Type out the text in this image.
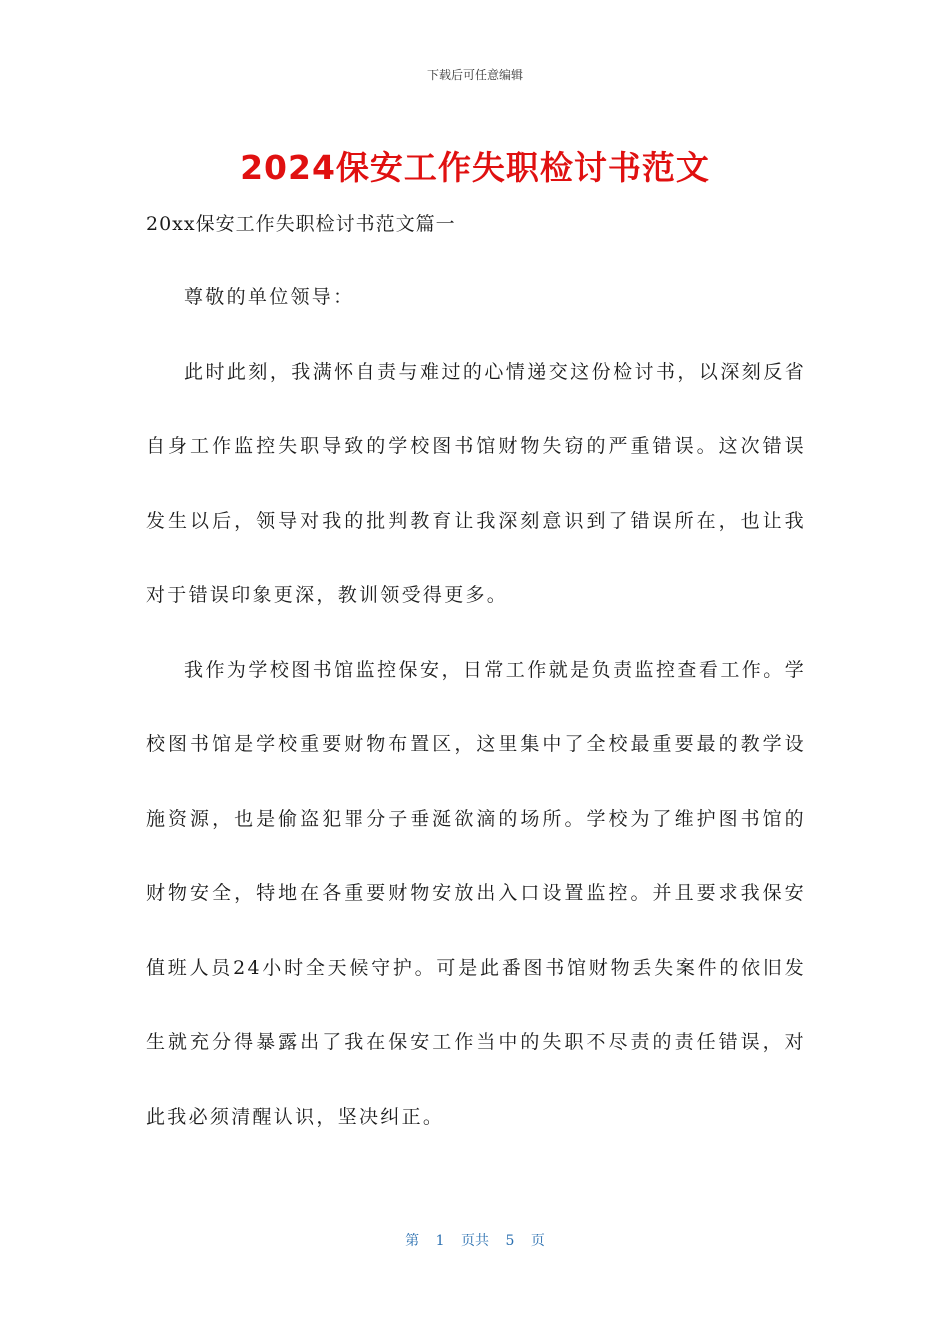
下载后可任意编辑
2024保安工作失职检讨书范文
20xx保安工作失职检讨书范文篇一

尊敬的单位领导：

此时此刻，我满怀自责与难过的心情递交这份检讨书，以深刻反省自身工作监控失职导致的学校图书馆财物失窃的严重错误。这次错误发生以后，领导对我的批判教育让我深刻意识到了错误所在，也让我对于错误印象更深，教训领受得更多。

我作为学校图书馆监控保安，日常工作就是负责监控查看工作。学校图书馆是学校重要财物布置区，这里集中了全校最重要最的教学设施资源，也是偷盗犯罪分子垂涎欲滴的场所。学校为了维护图书馆的财物安全，特地在各重要财物安放出入口设置监控。并且要求我保安值班人员24小时全天候守护。可是此番图书馆财物丢失案件的依旧发生就充分得暴露出了我在保安工作当中的失职不尽责的责任错误，对此我必须清醒认识，坚决纠正。

第 1 页共 5 页
